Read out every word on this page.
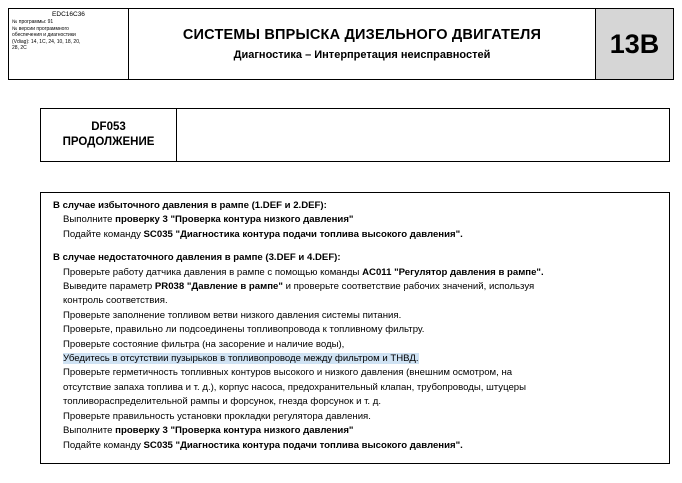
EDC16C36
№ программы: 91
№ версии программного
обеспечения и диагностики
(Vdiag): 14, 1C, 24, 10, 18, 20,
28, 2C
СИСТЕМЫ ВПРЫСКА ДИЗЕЛЬНОГО ДВИГАТЕЛЯ
Диагностика – Интерпретация неисправностей	13B
DF053
ПРОДОЛЖЕНИЕ

В случае избыточного давления в рампе (1.DEF и 2.DEF):

Выполните проверку 3 "Проверка контура низкого давления"

Подайте команду SC035 "Диагностика контура подачи топлива высокого давления".

В случае недостаточного давления в рампе (3.DEF и 4.DEF):

Проверьте работу датчика давления в рампе с помощью команды AC011 "Регулятор давления в рампе".

Выведите параметр PR038 "Давление в рампе" и проверьте соответствие рабочих значений, используя

контроль соответствия.

Проверьте заполнение топливом ветви низкого давления системы питания.

Проверьте, правильно ли подсоединены топливопровода к топливному фильтру.

Проверьте состояние фильтра (на засорение и наличие воды),

Убедитесь в отсутствии пузырьков в топливопроводе между фильтром и ТНВД.

Проверьте герметичность топливных контуров высокого и низкого давления (внешним осмотром, на

отсутствие запаха топлива и т. д.), корпус насоса, предохранительный клапан, трубопроводы, штуцеры

топливораспределительной рампы и форсунок, гнезда форсунок и т. д.

Проверьте правильность установки прокладки регулятора давления.

Выполните проверку 3 "Проверка контура низкого давления"

Подайте команду SC035 "Диагностика контура подачи топлива высокого давления".
